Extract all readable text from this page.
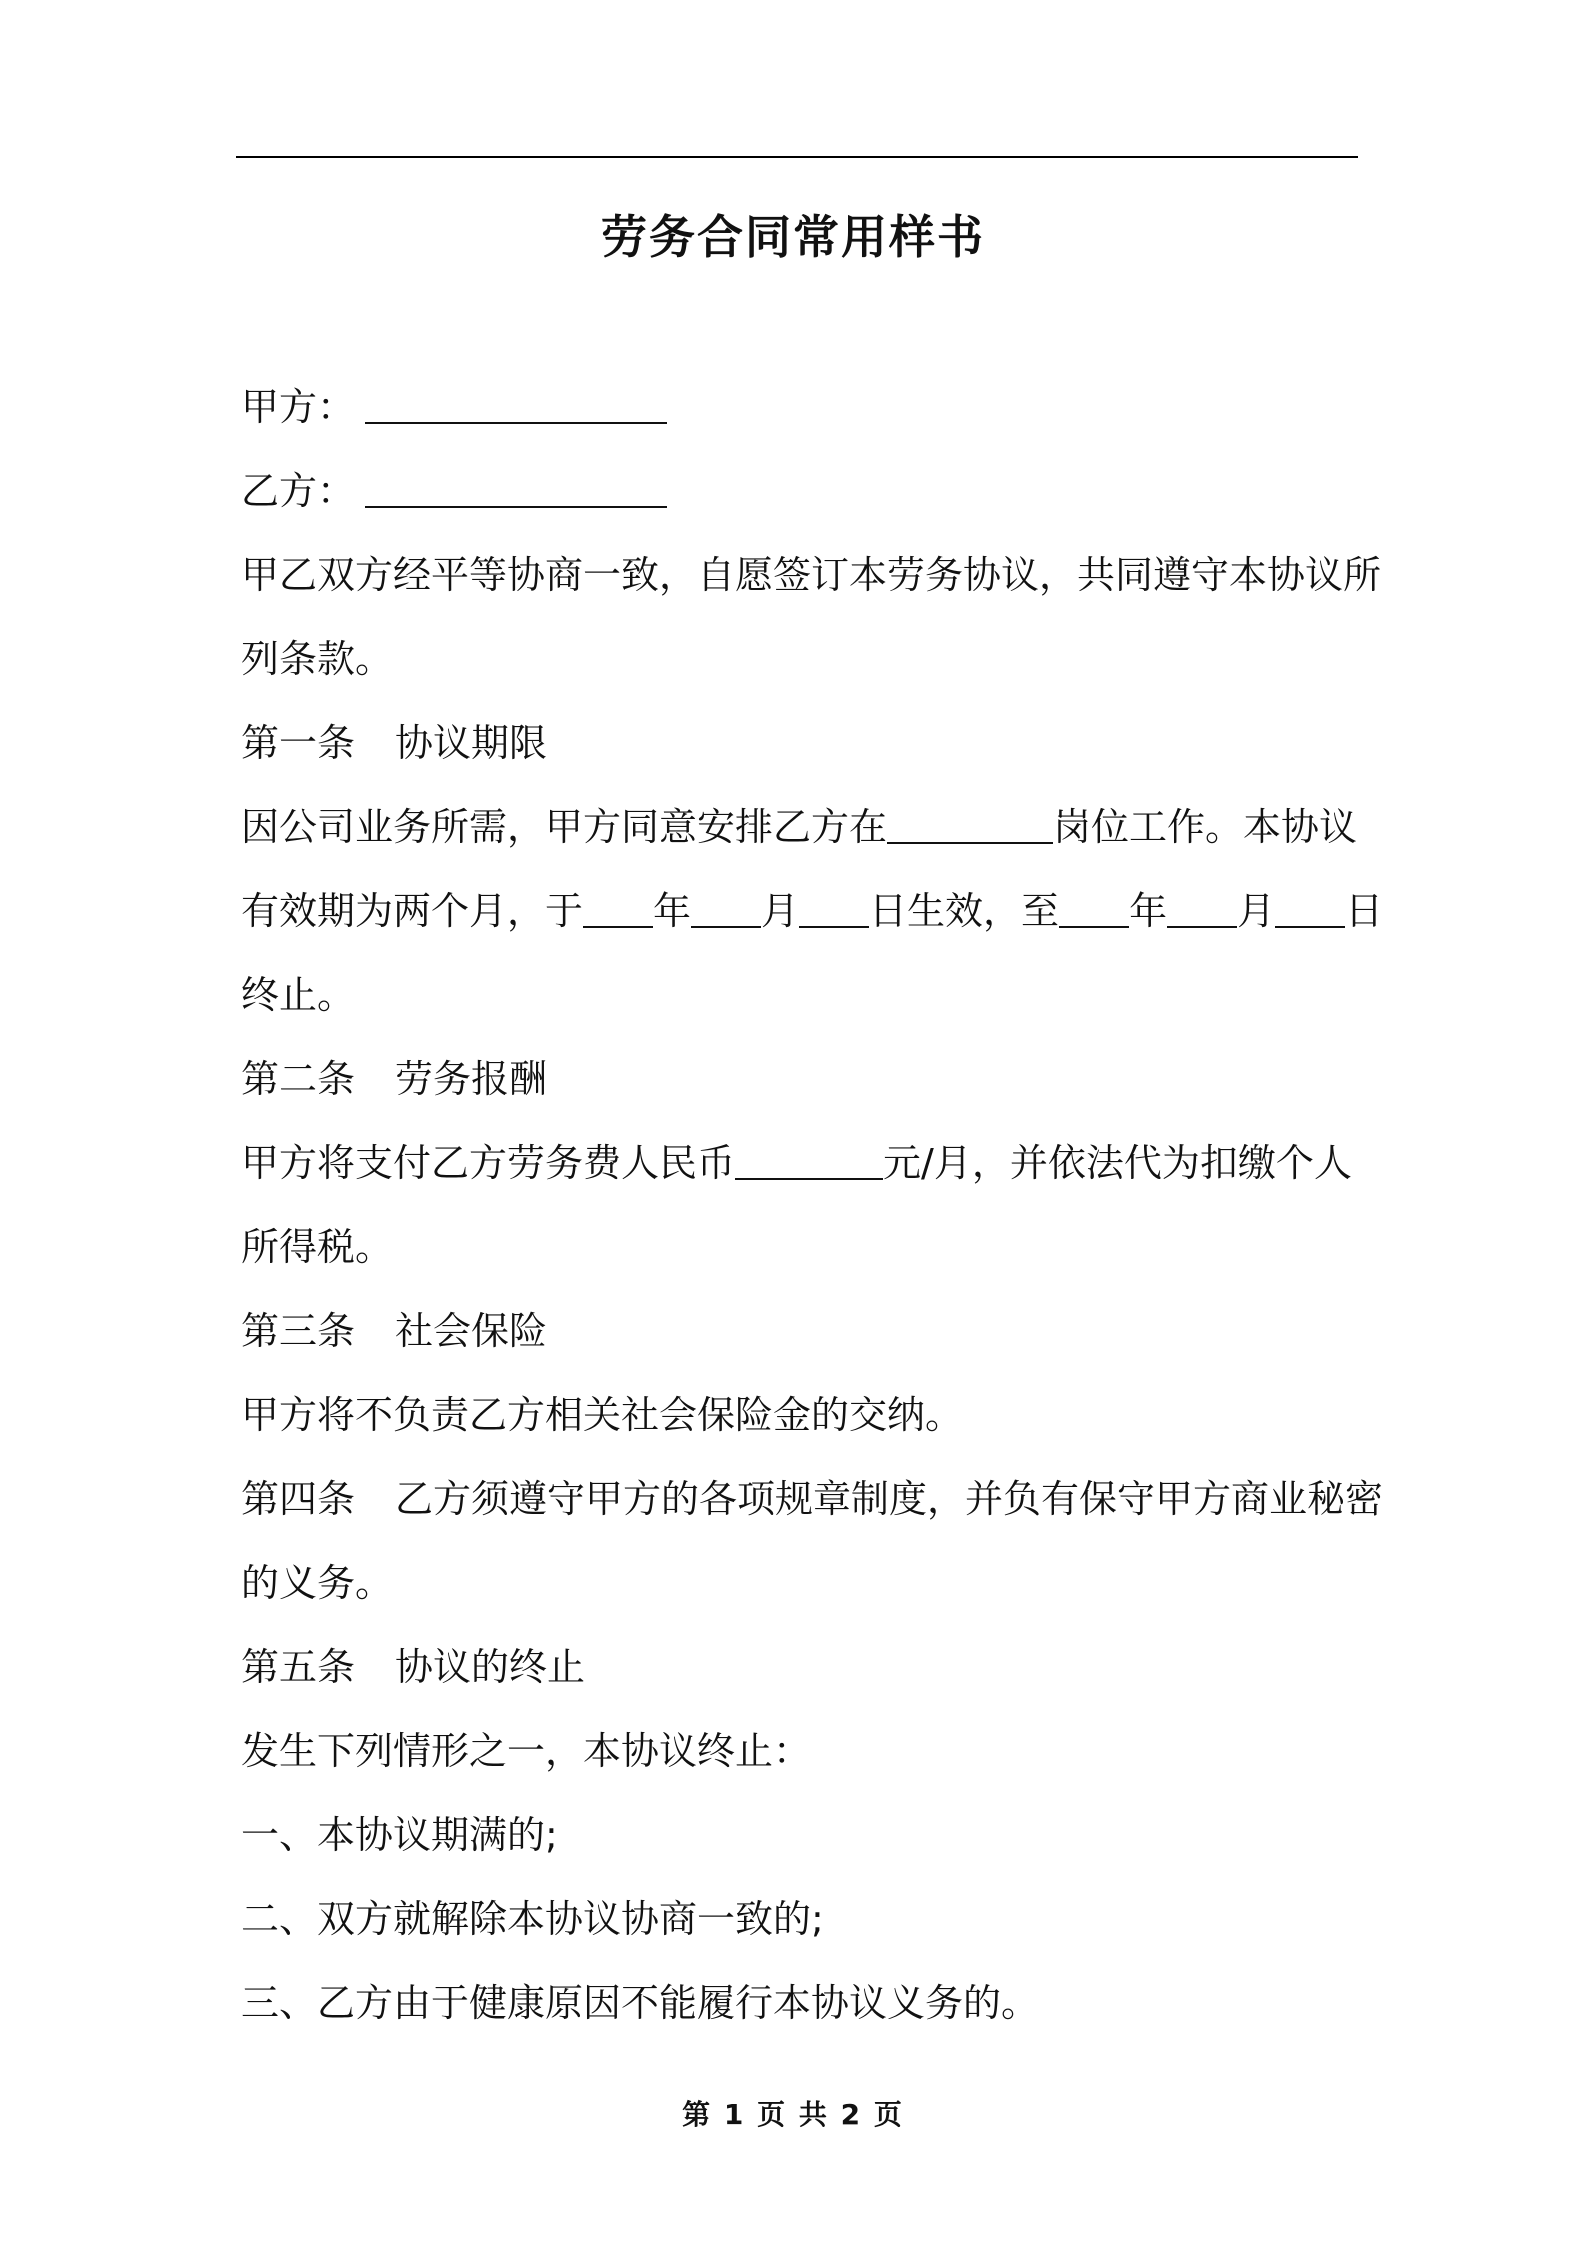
劳务合同常用样书
甲方：
乙方：
甲乙双方经平等协商一致，自愿签订本劳务协议，共同遵守本协议所
列条款。
第一条 协议期限
因公司业务所需，甲方同意安排乙方在	岗位工作。本协议
有效期为两个月，于 年 月 日生效，至 年 月 日
终止。
第二条 劳务报酬
甲方将支付乙方劳务费人民币	元/月，并依法代为扣缴个人
所得税。
第三条 社会保险
甲方将不负责乙方相关社会保险金的交纳。
第四条 乙方须遵守甲方的各项规章制度，并负有保守甲方商业秘密
的义务。
第五条 协议的终止
发生下列情形之一，本协议终止：
一、本协议期满的;
二、双方就解除本协议协商一致的;
三、乙方由于健康原因不能履行本协议义务的。
第 1 页 共 2 页
